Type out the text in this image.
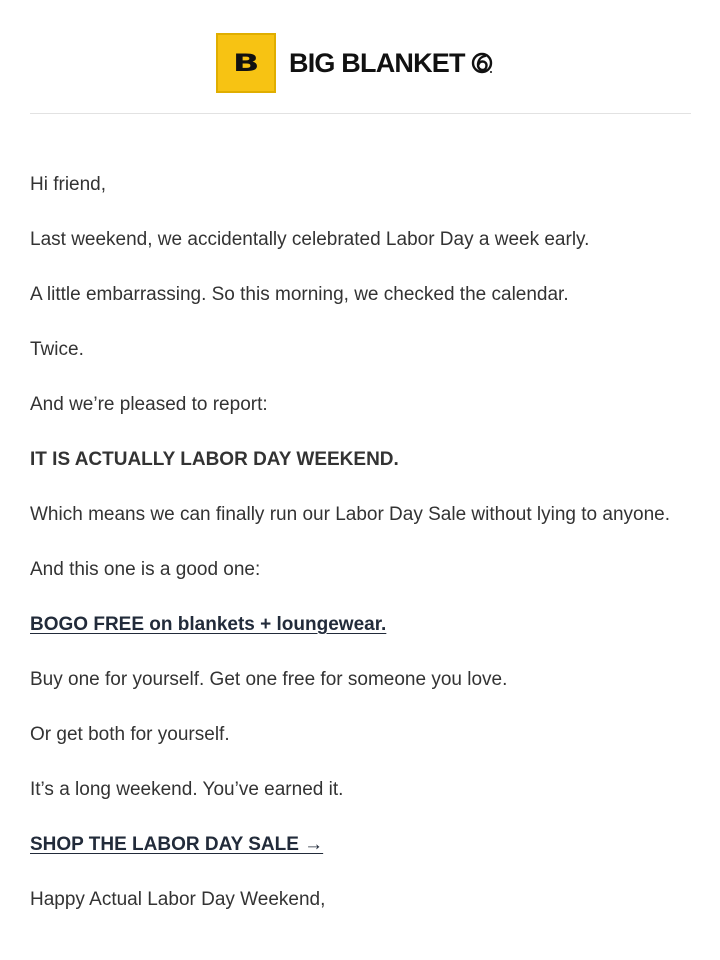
B BIG BLANKET

Hi friend,

Last weekend, we accidentally celebrated Labor Day a week early.

A little embarrassing. So this morning, we checked the calendar.

Twice.

And we’re pleased to report:

IT IS ACTUALLY LABOR DAY WEEKEND.

Which means we can finally run our Labor Day Sale without lying to anyone.

And this one is a good one:

BOGO FREE on blankets + loungewear.

Buy one for yourself. Get one free for someone you love.

Or get both for yourself.

It’s a long weekend. You’ve earned it.

SHOP THE LABOR DAY SALE →

Happy Actual Labor Day Weekend,
